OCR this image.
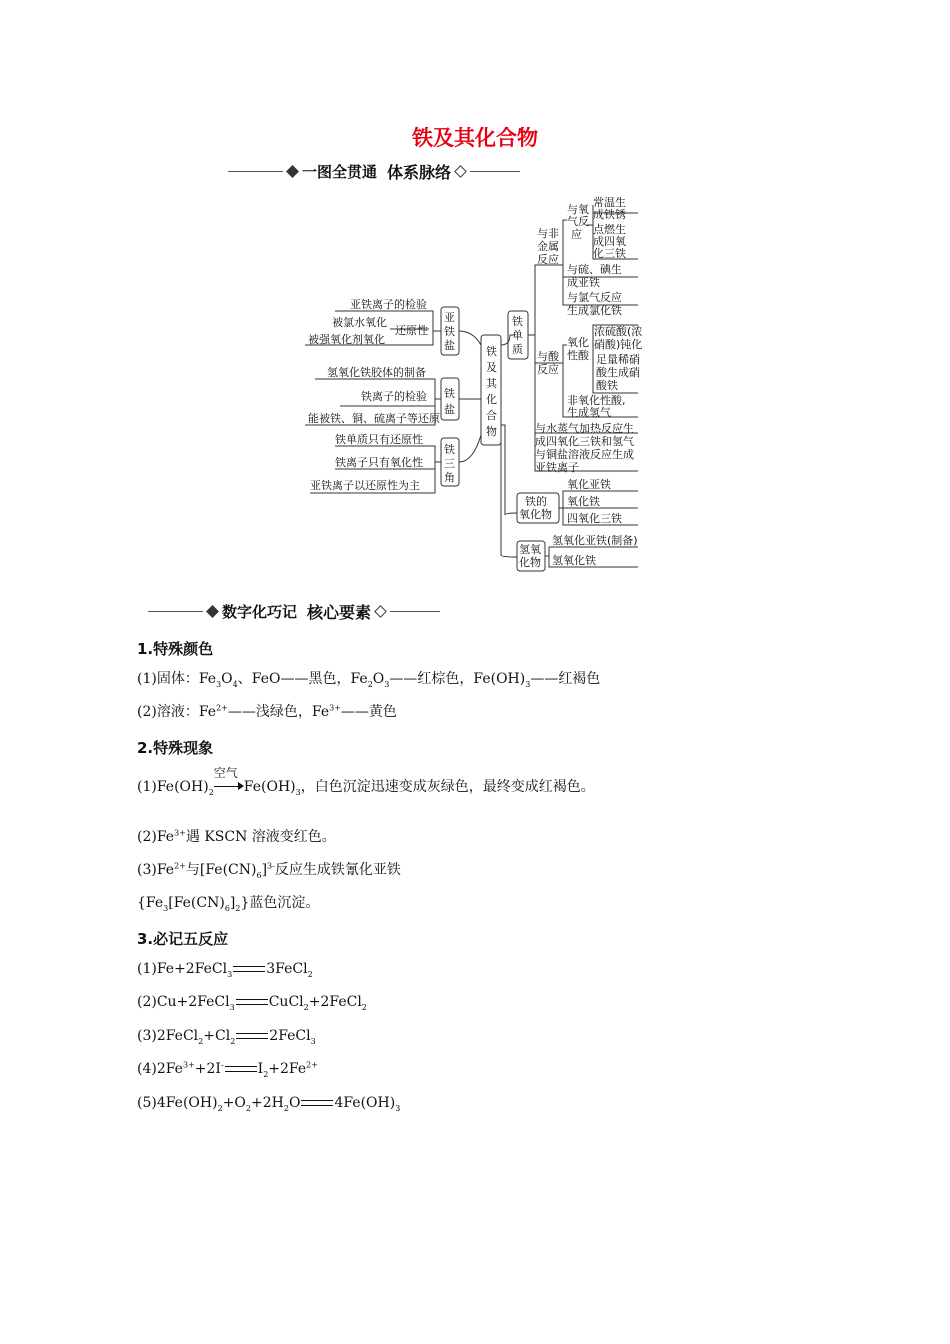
铁及其化合物
一图全贯通 体系脉络
铁
及
其
化
合
物
亚
铁
盐
亚铁离子的检验
被氯水氧化
被强氧化剂氧化
还原性
铁
盐
氢氧化铁胶体的制备
铁离子的检验
能被铁、铜、硫离子等还原
铁
三
角
铁单质只有还原性
铁离子只有氧化性
亚铁离子以还原性为主
铁
单
质
与非
金属
反应
与氧
气反
应
常温生
成铁锈
点燃生
成四氧
化三铁
与硫、碘生
成亚铁
与氯气反应
生成氯化铁
与酸
反应
氧化
性酸
浓硫酸(浓
硝酸)钝化
足量稀硝
酸生成硝
酸铁
非氧化性酸,
生成氢气
与水蒸气加热反应生
成四氧化三铁和氢气
与铜盐溶液反应生成
亚铁离子
铁的
氧化物
氧化亚铁
氧化铁
四氧化三铁
氢氧
化物
氢氧化亚铁(制备)
氢氧化铁
数字化巧记 核心要素
1.特殊颜色
(1)固体：$Fe_3O_4$、FeO——黑色，$Fe_2O_3——$红棕色，$Fe(OH)_3——$红褐色
(2)溶液：$Fe^{2+}——$浅绿色，$Fe^{3+}——$黄色
2.特殊现象
$(1)Fe(OH)_2$
空气
$Fe(OH)_3$，白色沉淀迅速变成灰绿色，最终变成红褐色。
$(2)Fe^{3+}$遇 KSCN 溶液变红色。
$(3)Fe^{2+}$与$[Fe(CN)_6]^{3-}$反应生成铁氰化亚铁
$\{Fe_3[Fe(CN)_6]_2\}$蓝色沉淀。
3.必记五反应
(1)Fe+2FeCl$_3$ 3FeCl$_2$
(2)Cu+2FeCl$_3$ CuCl$_2$+2FeCl$_2$
$(3)2FeCl_2+Cl_2$ 2FeCl$_3$
$(4)2Fe^{3+}+2I^-$ $I_2+2Fe^{2+}$
$(5)4Fe(OH)_2+O_2+2H_2O$ $4Fe(OH)_3$
